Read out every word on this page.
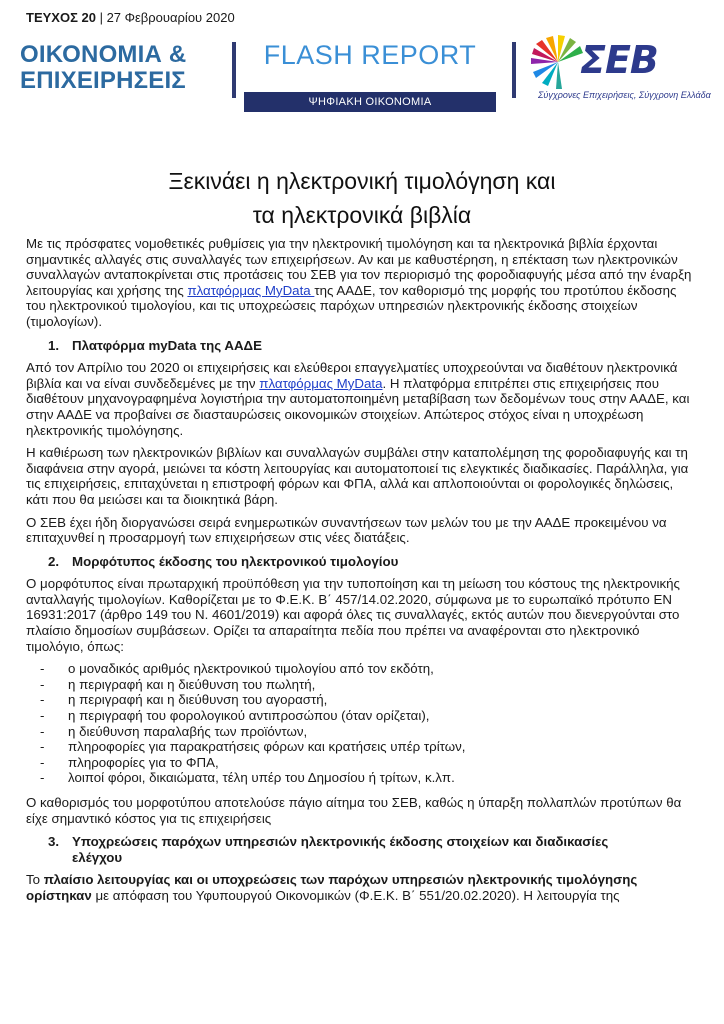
ΤΕΥΧΟΣ 20 | 27 Φεβρουαρίου 2020
ΟΙΚΟΝΟΜΙΑ &
ΕΠΙΧΕΙΡΗΣΕΙΣ
FLASH REPORT
ΨΗΦΙΑΚΗ ΟΙΚΟΝΟΜΙΑ
ΣΕΒ
Σύγχρονες Επιχειρήσεις, Σύγχρονη Ελλάδα
Ξεκινάει η ηλεκτρονική τιμολόγηση και
τα ηλεκτρονικά βιβλία

Με τις πρόσφατες νομοθετικές ρυθμίσεις για την ηλεκτρονική τιμολόγηση και τα ηλεκτρονικά βιβλία έρχονται σημαντικές αλλαγές στις συναλλαγές των επιχειρήσεων. Αν και με καθυστέρηση, η επέκταση των ηλεκτρονικών συναλλαγών ανταποκρίνεται στις προτάσεις του ΣΕΒ για τον περιορισμό της φοροδιαφυγής μέσα από την έναρξη λειτουργίας και χρήσης της πλατφόρμας MyData της ΑΑΔΕ, τον καθορισμό της μορφής του προτύπου έκδοσης του ηλεκτρονικού τιμολογίου, και τις υποχρεώσεις παρόχων υπηρεσιών ηλεκτρονικής έκδοσης στοιχείων (τιμολογίων).

1. Πλατφόρμα myData της ΑΑΔΕ

Από τον Απρίλιο του 2020 οι επιχειρήσεις και ελεύθεροι επαγγελματίες υποχρεούνται να διαθέτουν ηλεκτρονικά βιβλία και να είναι συνδεδεμένες με την πλατφόρμας MyData. Η πλατφόρμα επιτρέπει στις επιχειρήσεις που διαθέτουν μηχανογραφημένα λογιστήρια την αυτοματοποιημένη μεταβίβαση των δεδομένων τους στην ΑΑΔΕ, και στην ΑΑΔΕ να προβαίνει σε διασταυρώσεις οικονομικών στοιχείων. Απώτερος στόχος είναι η υποχρέωση ηλεκτρονικής τιμολόγησης.

Η καθιέρωση των ηλεκτρονικών βιβλίων και συναλλαγών συμβάλει στην καταπολέμηση της φοροδιαφυγής και τη διαφάνεια στην αγορά, μειώνει τα κόστη λειτουργίας και αυτοματοποιεί τις ελεγκτικές διαδικασίες. Παράλληλα, για τις επιχειρήσεις, επιταχύνεται η επιστροφή φόρων και ΦΠΑ, αλλά και απλοποιούνται οι φορολογικές δηλώσεις, κάτι που θα μειώσει και τα διοικητικά βάρη.

Ο ΣΕΒ έχει ήδη διοργανώσει σειρά ενημερωτικών συναντήσεων των μελών του με την ΑΑΔΕ προκειμένου να επιταχυνθεί η προσαρμογή των επιχειρήσεων στις νέες διατάξεις.

2. Μορφότυπος έκδοσης του ηλεκτρονικού τιμολογίου

Ο μορφότυπος είναι πρωταρχική προϋπόθεση για την τυποποίηση και τη μείωση του κόστους της ηλεκτρονικής ανταλλαγής τιμολογίων. Καθορίζεται με το Φ.Ε.Κ. Β΄ 457/14.02.2020, σύμφωνα με το ευρωπαϊκό πρότυπο EN 16931:2017 (άρθρο 149 του Ν. 4601/2019) και αφορά όλες τις συναλλαγές, εκτός αυτών που διενεργούνται στο πλαίσιο δημοσίων συμβάσεων. Ορίζει τα απαραίτητα πεδία που πρέπει να αναφέρονται στο ηλεκτρονικό τιμολόγιο, όπως:

-	ο μοναδικός αριθμός ηλεκτρονικού τιμολογίου από τον εκδότη,
-	η περιγραφή και η διεύθυνση του πωλητή,
-	η περιγραφή και η διεύθυνση του αγοραστή,
-	η περιγραφή του φορολογικού αντιπροσώπου (όταν ορίζεται),
-	η διεύθυνση παραλαβής των προϊόντων,
-	πληροφορίες για παρακρατήσεις φόρων και κρατήσεις υπέρ τρίτων,
-	πληροφορίες για το ΦΠΑ,
-	λοιποί φόροι, δικαιώματα, τέλη υπέρ του Δημοσίου ή τρίτων, κ.λπ.

Ο καθορισμός του μορφοτύπου αποτελούσε πάγιο αίτημα του ΣΕΒ, καθώς η ύπαρξη πολλαπλών προτύπων θα είχε σημαντικό κόστος για τις επιχειρήσεις

3. Υποχρεώσεις παρόχων υπηρεσιών ηλεκτρονικής έκδοσης στοιχείων και διαδικασίες ελέγχου

Το πλαίσιο λειτουργίας και οι υποχρεώσεις των παρόχων υπηρεσιών ηλεκτρονικής τιμολόγησης ορίστηκαν με απόφαση του Υφυπουργού Οικονομικών (Φ.Ε.Κ. Β΄ 551/20.02.2020). Η λειτουργία της
